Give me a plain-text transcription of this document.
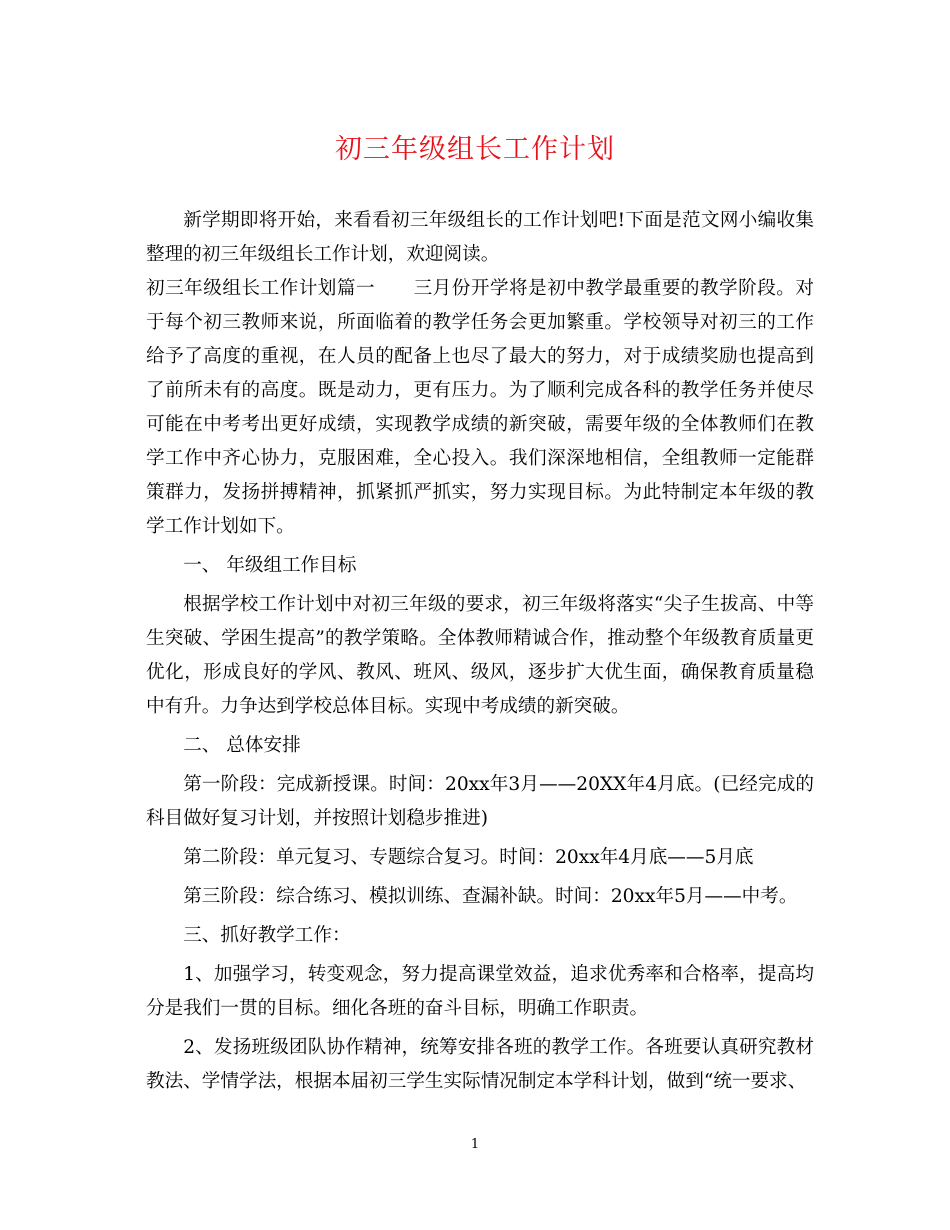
初三年级组长工作计划

新学期即将开始，来看看初三年级组长的工作计划吧!下面是范文网小编收集整理的初三年级组长工作计划，欢迎阅读。

初三年级组长工作计划篇一 三月份开学将是初中教学最重要的教学阶段。对于每个初三教师来说，所面临着的教学任务会更加繁重。学校领导对初三的工作给予了高度的重视，在人员的配备上也尽了最大的努力，对于成绩奖励也提高到了前所未有的高度。既是动力，更有压力。为了顺利完成各科的教学任务并使尽可能在中考考出更好成绩，实现教学成绩的新突破，需要年级的全体教师们在教学工作中齐心协力，克服困难，全心投入。我们深深地相信，全组教师一定能群策群力，发扬拼搏精神，抓紧抓严抓实，努力实现目标。为此特制定本年级的教学工作计划如下。

一、 年级组工作目标

根据学校工作计划中对初三年级的要求，初三年级将落实“尖子生拔高、中等生突破、学困生提高”的教学策略。全体教师精诚合作，推动整个年级教育质量更优化，形成良好的学风、教风、班风、级风，逐步扩大优生面，确保教育质量稳中有升。力争达到学校总体目标。实现中考成绩的新突破。

二、 总体安排

第一阶段：完成新授课。时间：20xx年3月——20XX年4月底。(已经完成的科目做好复习计划，并按照计划稳步推进)

第二阶段：单元复习、专题综合复习。时间：20xx年4月底——5月底

第三阶段：综合练习、模拟训练、查漏补缺。时间：20xx年5月——中考。

三、抓好教学工作：

1、加强学习，转变观念，努力提高课堂效益，追求优秀率和合格率，提高均分是我们一贯的目标。细化各班的奋斗目标，明确工作职责。

2、发扬班级团队协作精神，统筹安排各班的教学工作。各班要认真研究教材教法、学情学法，根据本届初三学生实际情况制定本学科计划，做到“统一要求、

1
